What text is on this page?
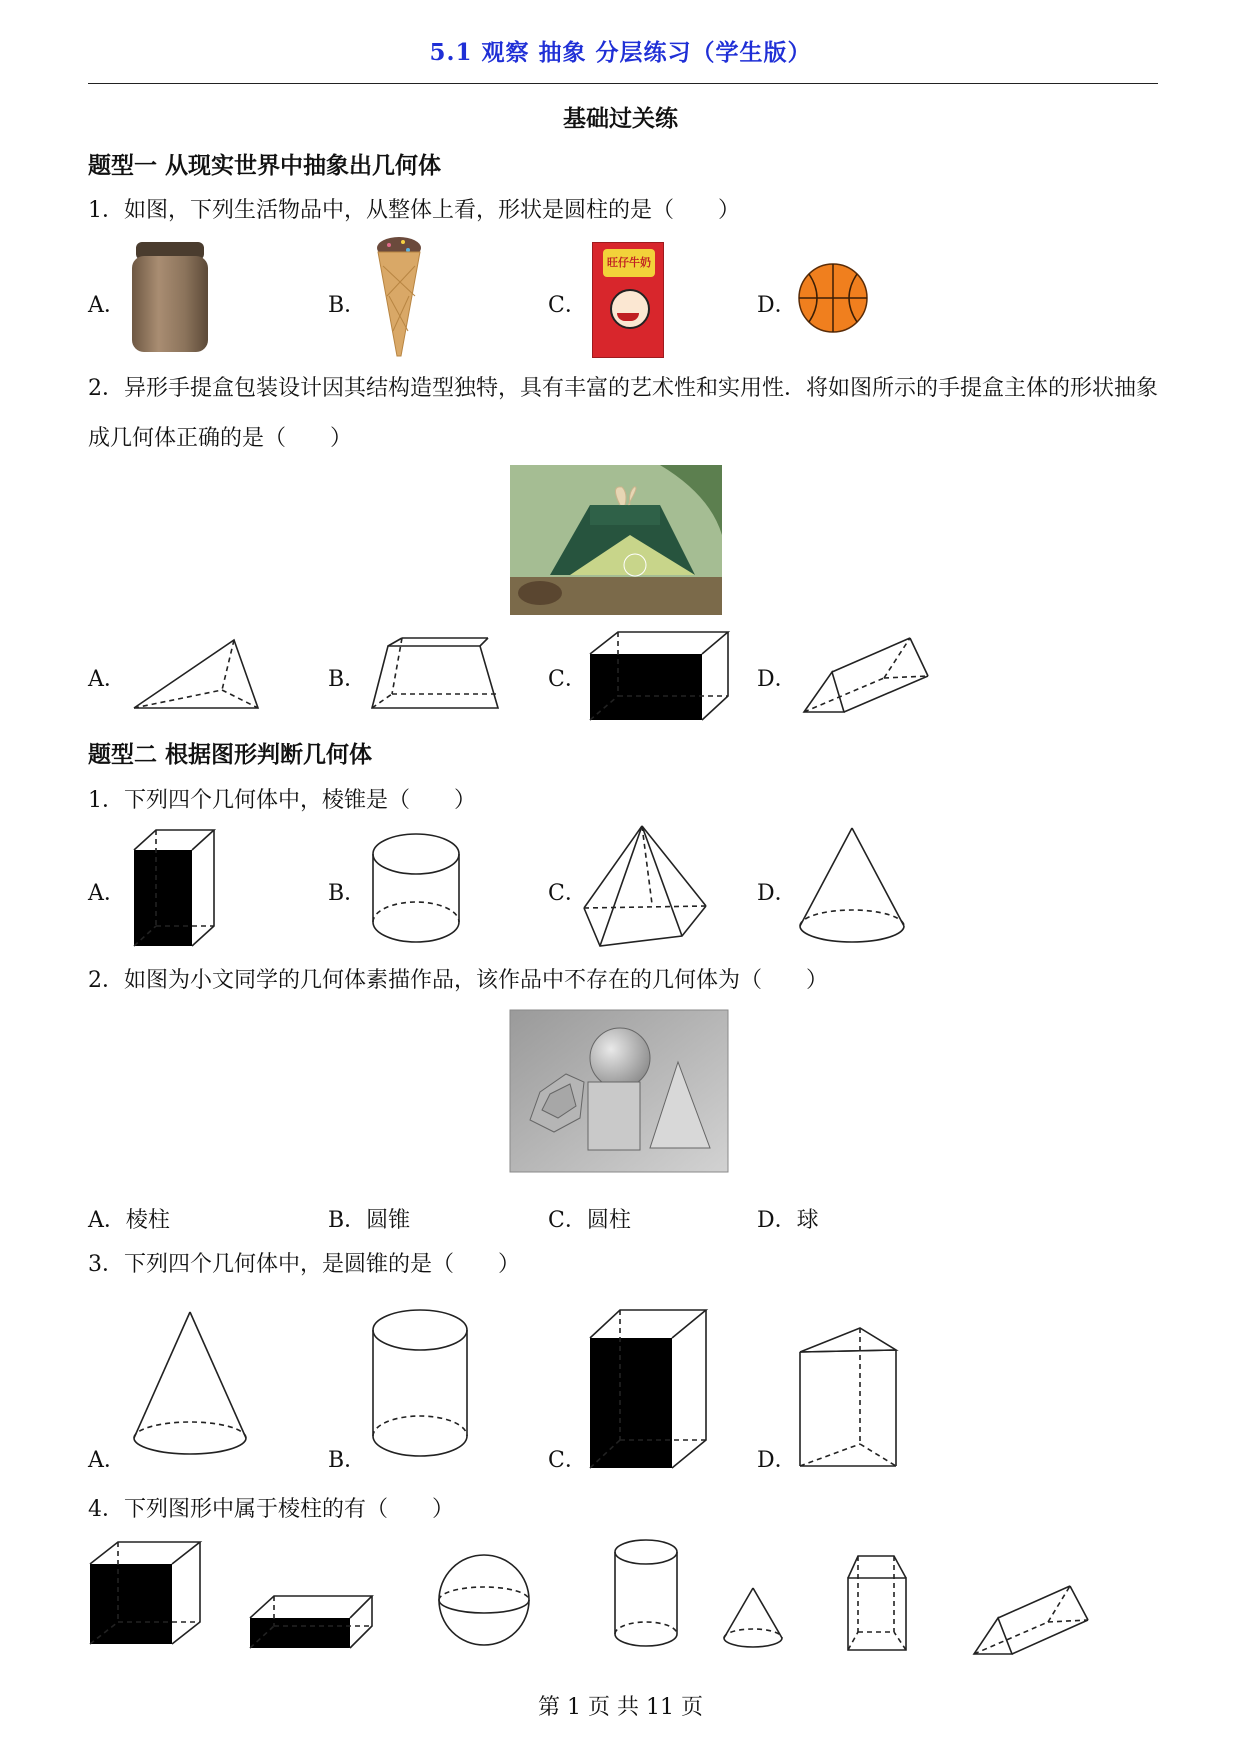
5.1 观察 抽象 分层练习（学生版）
基础过关练
题型一 从现实世界中抽象出几何体
1．如图，下列生活物品中，从整体上看，形状是圆柱的是（　　）
A．	B．	C．	D．
旺仔牛奶
2．异形手提盒包装设计因其结构造型独特，具有丰富的艺术性和实用性．将如图所示的手提盒主体的形状抽象成几何体正确的是（　　）
A．	B．	C．	D．
题型二 根据图形判断几何体
1．下列四个几何体中，棱锥是（　　）
A．	B．	C．	D．
2．如图为小文同学的几何体素描作品，该作品中不存在的几何体为（　　）
A．棱柱	B．圆锥	C．圆柱	D．球
3．下列四个几何体中，是圆锥的是（　　）
A．	B．	C．	D．
4．下列图形中属于棱柱的有（　　）
第 1 页 共 11 页
